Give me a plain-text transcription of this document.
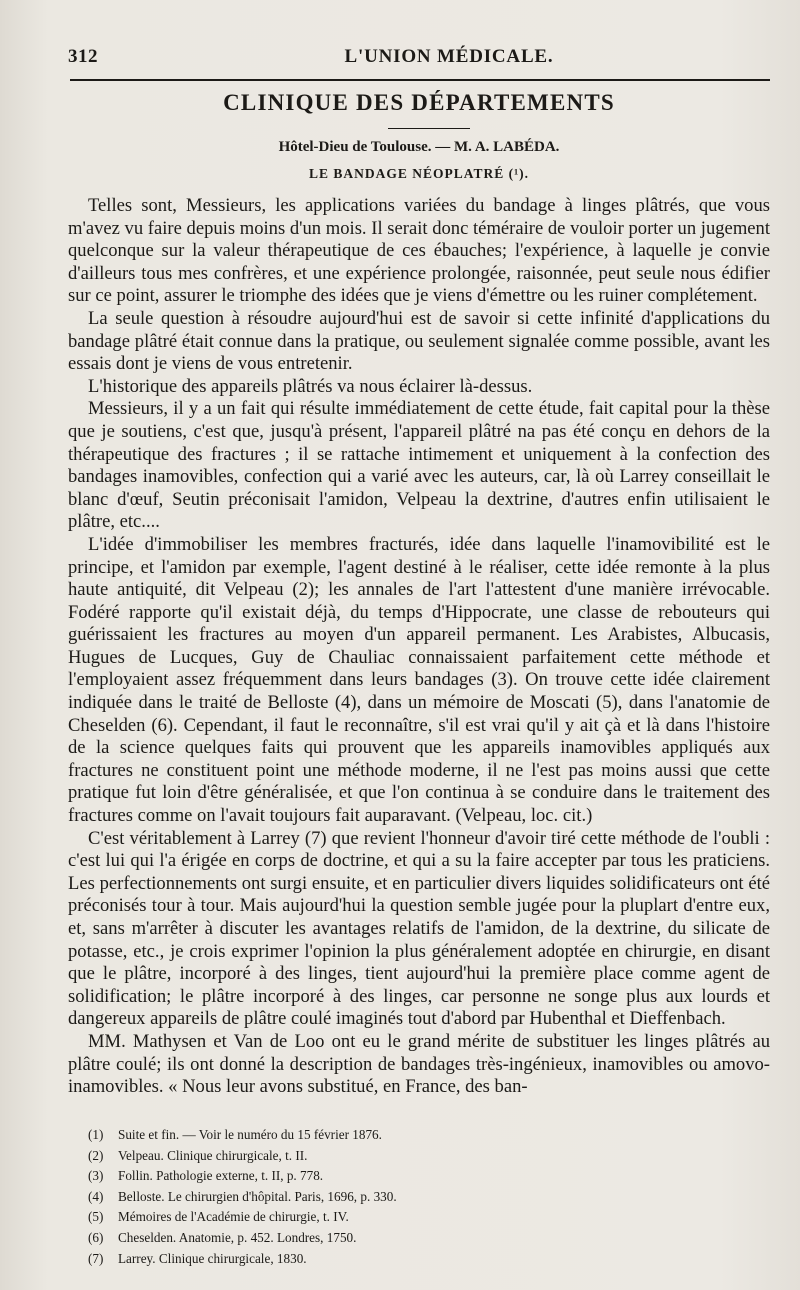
312	L'UNION MÉDICALE.
CLINIQUE DES DÉPARTEMENTS
Hôtel-Dieu de Toulouse. — M. A. LABÉDA.
LE BANDAGE NÉOPLATRÉ (¹).

Telles sont, Messieurs, les applications variées du bandage à linges plâtrés, que vous m'avez vu faire depuis moins d'un mois. Il serait donc téméraire de vouloir porter un jugement quelconque sur la valeur thérapeutique de ces ébauches; l'expérience, à laquelle je convie d'ailleurs tous mes confrères, et une expérience prolongée, raisonnée, peut seule nous édifier sur ce point, assurer le triomphe des idées que je viens d'émettre ou les ruiner complétement.

La seule question à résoudre aujourd'hui est de savoir si cette infinité d'applications du bandage plâtré était connue dans la pratique, ou seulement signalée comme possible, avant les essais dont je viens de vous entretenir.

L'historique des appareils plâtrés va nous éclairer là-dessus.

Messieurs, il y a un fait qui résulte immédiatement de cette étude, fait capital pour la thèse que je soutiens, c'est que, jusqu'à présent, l'appareil plâtré na pas été conçu en dehors de la thérapeutique des fractures ; il se rattache intimement et uniquement à la confection des bandages inamovibles, confection qui a varié avec les auteurs, car, là où Larrey conseillait le blanc d'œuf, Seutin préconisait l'amidon, Velpeau la dextrine, d'autres enfin utilisaient le plâtre, etc....

L'idée d'immobiliser les membres fracturés, idée dans laquelle l'inamovibilité est le principe, et l'amidon par exemple, l'agent destiné à le réaliser, cette idée remonte à la plus haute antiquité, dit Velpeau (2); les annales de l'art l'attestent d'une manière irrévocable. Fodéré rapporte qu'il existait déjà, du temps d'Hippocrate, une classe de rebouteurs qui guérissaient les fractures au moyen d'un appareil permanent. Les Arabistes, Albucasis, Hugues de Lucques, Guy de Chauliac connaissaient parfaitement cette méthode et l'employaient assez fréquemment dans leurs bandages (3). On trouve cette idée clairement indiquée dans le traité de Belloste (4), dans un mémoire de Moscati (5), dans l'anatomie de Cheselden (6). Cependant, il faut le reconnaître, s'il est vrai qu'il y ait çà et là dans l'histoire de la science quelques faits qui prouvent que les appareils inamovibles appliqués aux fractures ne constituent point une méthode moderne, il ne l'est pas moins aussi que cette pratique fut loin d'être généralisée, et que l'on continua à se conduire dans le traitement des fractures comme on l'avait toujours fait auparavant. (Velpeau, loc. cit.)

C'est véritablement à Larrey (7) que revient l'honneur d'avoir tiré cette méthode de l'oubli : c'est lui qui l'a érigée en corps de doctrine, et qui a su la faire accepter par tous les praticiens. Les perfectionnements ont surgi ensuite, et en particulier divers liquides solidificateurs ont été préconisés tour à tour. Mais aujourd'hui la question semble jugée pour la pluplart d'entre eux, et, sans m'arrêter à discuter les avantages relatifs de l'amidon, de la dextrine, du silicate de potasse, etc., je crois exprimer l'opinion la plus généralement adoptée en chirurgie, en disant que le plâtre, incorporé à des linges, tient aujourd'hui la première place comme agent de solidification; le plâtre incorporé à des linges, car personne ne songe plus aux lourds et dangereux appareils de plâtre coulé imaginés tout d'abord par Hubenthal et Dieffenbach.

MM. Mathysen et Van de Loo ont eu le grand mérite de substituer les linges plâtrés au plâtre coulé; ils ont donné la description de bandages très-ingénieux, inamovibles ou amovo-inamovibles. « Nous leur avons substitué, en France, des ban-

(1)	Suite et fin. — Voir le numéro du 15 février 1876.
(2)	Velpeau. Clinique chirurgicale, t. II.
(3)	Follin. Pathologie externe, t. II, p. 778.
(4)	Belloste. Le chirurgien d'hôpital. Paris, 1696, p. 330.
(5)	Mémoires de l'Académie de chirurgie, t. IV.
(6)	Cheselden. Anatomie, p. 452. Londres, 1750.
(7)	Larrey. Clinique chirurgicale, 1830.
